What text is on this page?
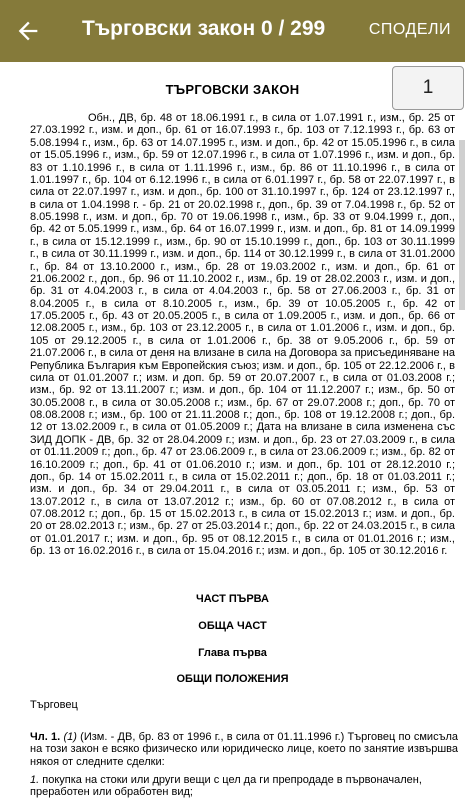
Търговски закон 0 / 299	СПОДЕЛИ
1
ТЪРГОВСКИ ЗАКОН

Обн., ДВ, бр. 48 от 18.06.1991 г., в сила от 1.07.1991 г., изм., бр. 25 от 27.03.1992 г., изм. и доп., бр. 61 от 16.07.1993 г., бр. 103 от 7.12.1993 г., бр. 63 от 5.08.1994 г., изм., бр. 63 от 14.07.1995 г., изм. и доп., бр. 42 от 15.05.1996 г., в сила от 15.05.1996 г., изм., бр. 59 от 12.07.1996 г., в сила от 1.07.1996 г., изм. и доп., бр. 83 от 1.10.1996 г., в сила от 1.11.1996 г., изм., бр. 86 от 11.10.1996 г., в сила от 1.01.1997 г., бр. 104 от 6.12.1996 г., в сила от 6.01.1997 г., бр. 58 от 22.07.1997 г., в сила от 22.07.1997 г., изм. и доп., бр. 100 от 31.10.1997 г., бр. 124 от 23.12.1997 г., в сила от 1.04.1998 г. - бр. 21 от 20.02.1998 г., доп., бр. 39 от 7.04.1998 г., бр. 52 от 8.05.1998 г., изм. и доп., бр. 70 от 19.06.1998 г., изм., бр. 33 от 9.04.1999 г., доп., бр. 42 от 5.05.1999 г., изм., бр. 64 от 16.07.1999 г., изм. и доп., бр. 81 от 14.09.1999 г., в сила от 15.12.1999 г., изм., бр. 90 от 15.10.1999 г., доп., бр. 103 от 30.11.1999 г., в сила от 30.11.1999 г., изм. и доп., бр. 114 от 30.12.1999 г., в сила от 31.01.2000 г., бр. 84 от 13.10.2000 г., изм., бр. 28 от 19.03.2002 г., изм. и доп., бр. 61 от 21.06.2002 г., доп., бр. 96 от 11.10.2002 г., изм., бр. 19 от 28.02.2003 г., изм. и доп., бр. 31 от 4.04.2003 г., в сила от 4.04.2003 г., бр. 58 от 27.06.2003 г., бр. 31 от 8.04.2005 г., в сила от 8.10.2005 г., изм., бр. 39 от 10.05.2005 г., бр. 42 от 17.05.2005 г., бр. 43 от 20.05.2005 г., в сила от 1.09.2005 г., изм. и доп., бр. 66 от 12.08.2005 г., изм., бр. 103 от 23.12.2005 г., в сила от 1.01.2006 г., изм. и доп., бр. 105 от 29.12.2005 г., в сила от 1.01.2006 г., бр. 38 от 9.05.2006 г., бр. 59 от 21.07.2006 г., в сила от деня на влизане в сила на Договора за присъединяване на Република България към Европейския съюз; изм. и доп., бр. 105 от 22.12.2006 г., в сила от 01.01.2007 г.; изм. и доп. бр. 59 от 20.07.2007 г., в сила от 01.03.2008 г.; изм., бр. 92 от 13.11.2007 г.; изм. и доп., бр. 104 от 11.12.2007 г.; изм., бр. 50 от 30.05.2008 г., в сила от 30.05.2008 г.; изм., бр. 67 от 29.07.2008 г.; доп., бр. 70 от 08.08.2008 г.; изм., бр. 100 от 21.11.2008 г.; доп., бр. 108 от 19.12.2008 г.; доп., бр. 12 от 13.02.2009 г., в сила от 01.05.2009 г.; Дата на влизане в сила изменена със ЗИД ДОПК - ДВ, бр. 32 от 28.04.2009 г.; изм. и доп., бр. 23 от 27.03.2009 г., в сила от 01.11.2009 г.; доп., бр. 47 от 23.06.2009 г., в сила от 23.06.2009 г.; изм., бр. 82 от 16.10.2009 г.; доп., бр. 41 от 01.06.2010 г.; изм. и доп., бр. 101 от 28.12.2010 г.; доп., бр. 14 от 15.02.2011 г., в сила от 15.02.2011 г.; доп., бр. 18 от 01.03.2011 г.; изм. и доп., бр. 34 от 29.04.2011 г., в сила от 03.05.2011 г.; изм., бр. 53 от 13.07.2012 г., в сила от 13.07.2012 г.; изм., бр. 60 от 07.08.2012 г., в сила от 07.08.2012 г.; доп., бр. 15 от 15.02.2013 г., в сила от 15.02.2013 г.; изм. и доп., бр. 20 от 28.02.2013 г.; изм., бр. 27 от 25.03.2014 г.; доп., бр. 22 от 24.03.2015 г., в сила от 01.01.2017 г.; изм. и доп., бр. 95 от 08.12.2015 г., в сила от 01.01.2016 г.; изм., бр. 13 от 16.02.2016 г., в сила от 15.04.2016 г.; изм. и доп., бр. 105 от 30.12.2016 г.

ЧАСТ ПЪРВА
ОБЩА ЧАСТ
Глава първа
ОБЩИ ПОЛОЖЕНИЯ
Търговец

Чл. 1. (1) (Изм. - ДВ, бр. 83 от 1996 г., в сила от 01.11.1996 г.) Търговец по смисъла на този закон е всяко физическо или юридическо лице, което по занятие извършва някоя от следните сделки:

1. покупка на стоки или други вещи с цел да ги препродаде в първоначален, преработен или обработен вид;
